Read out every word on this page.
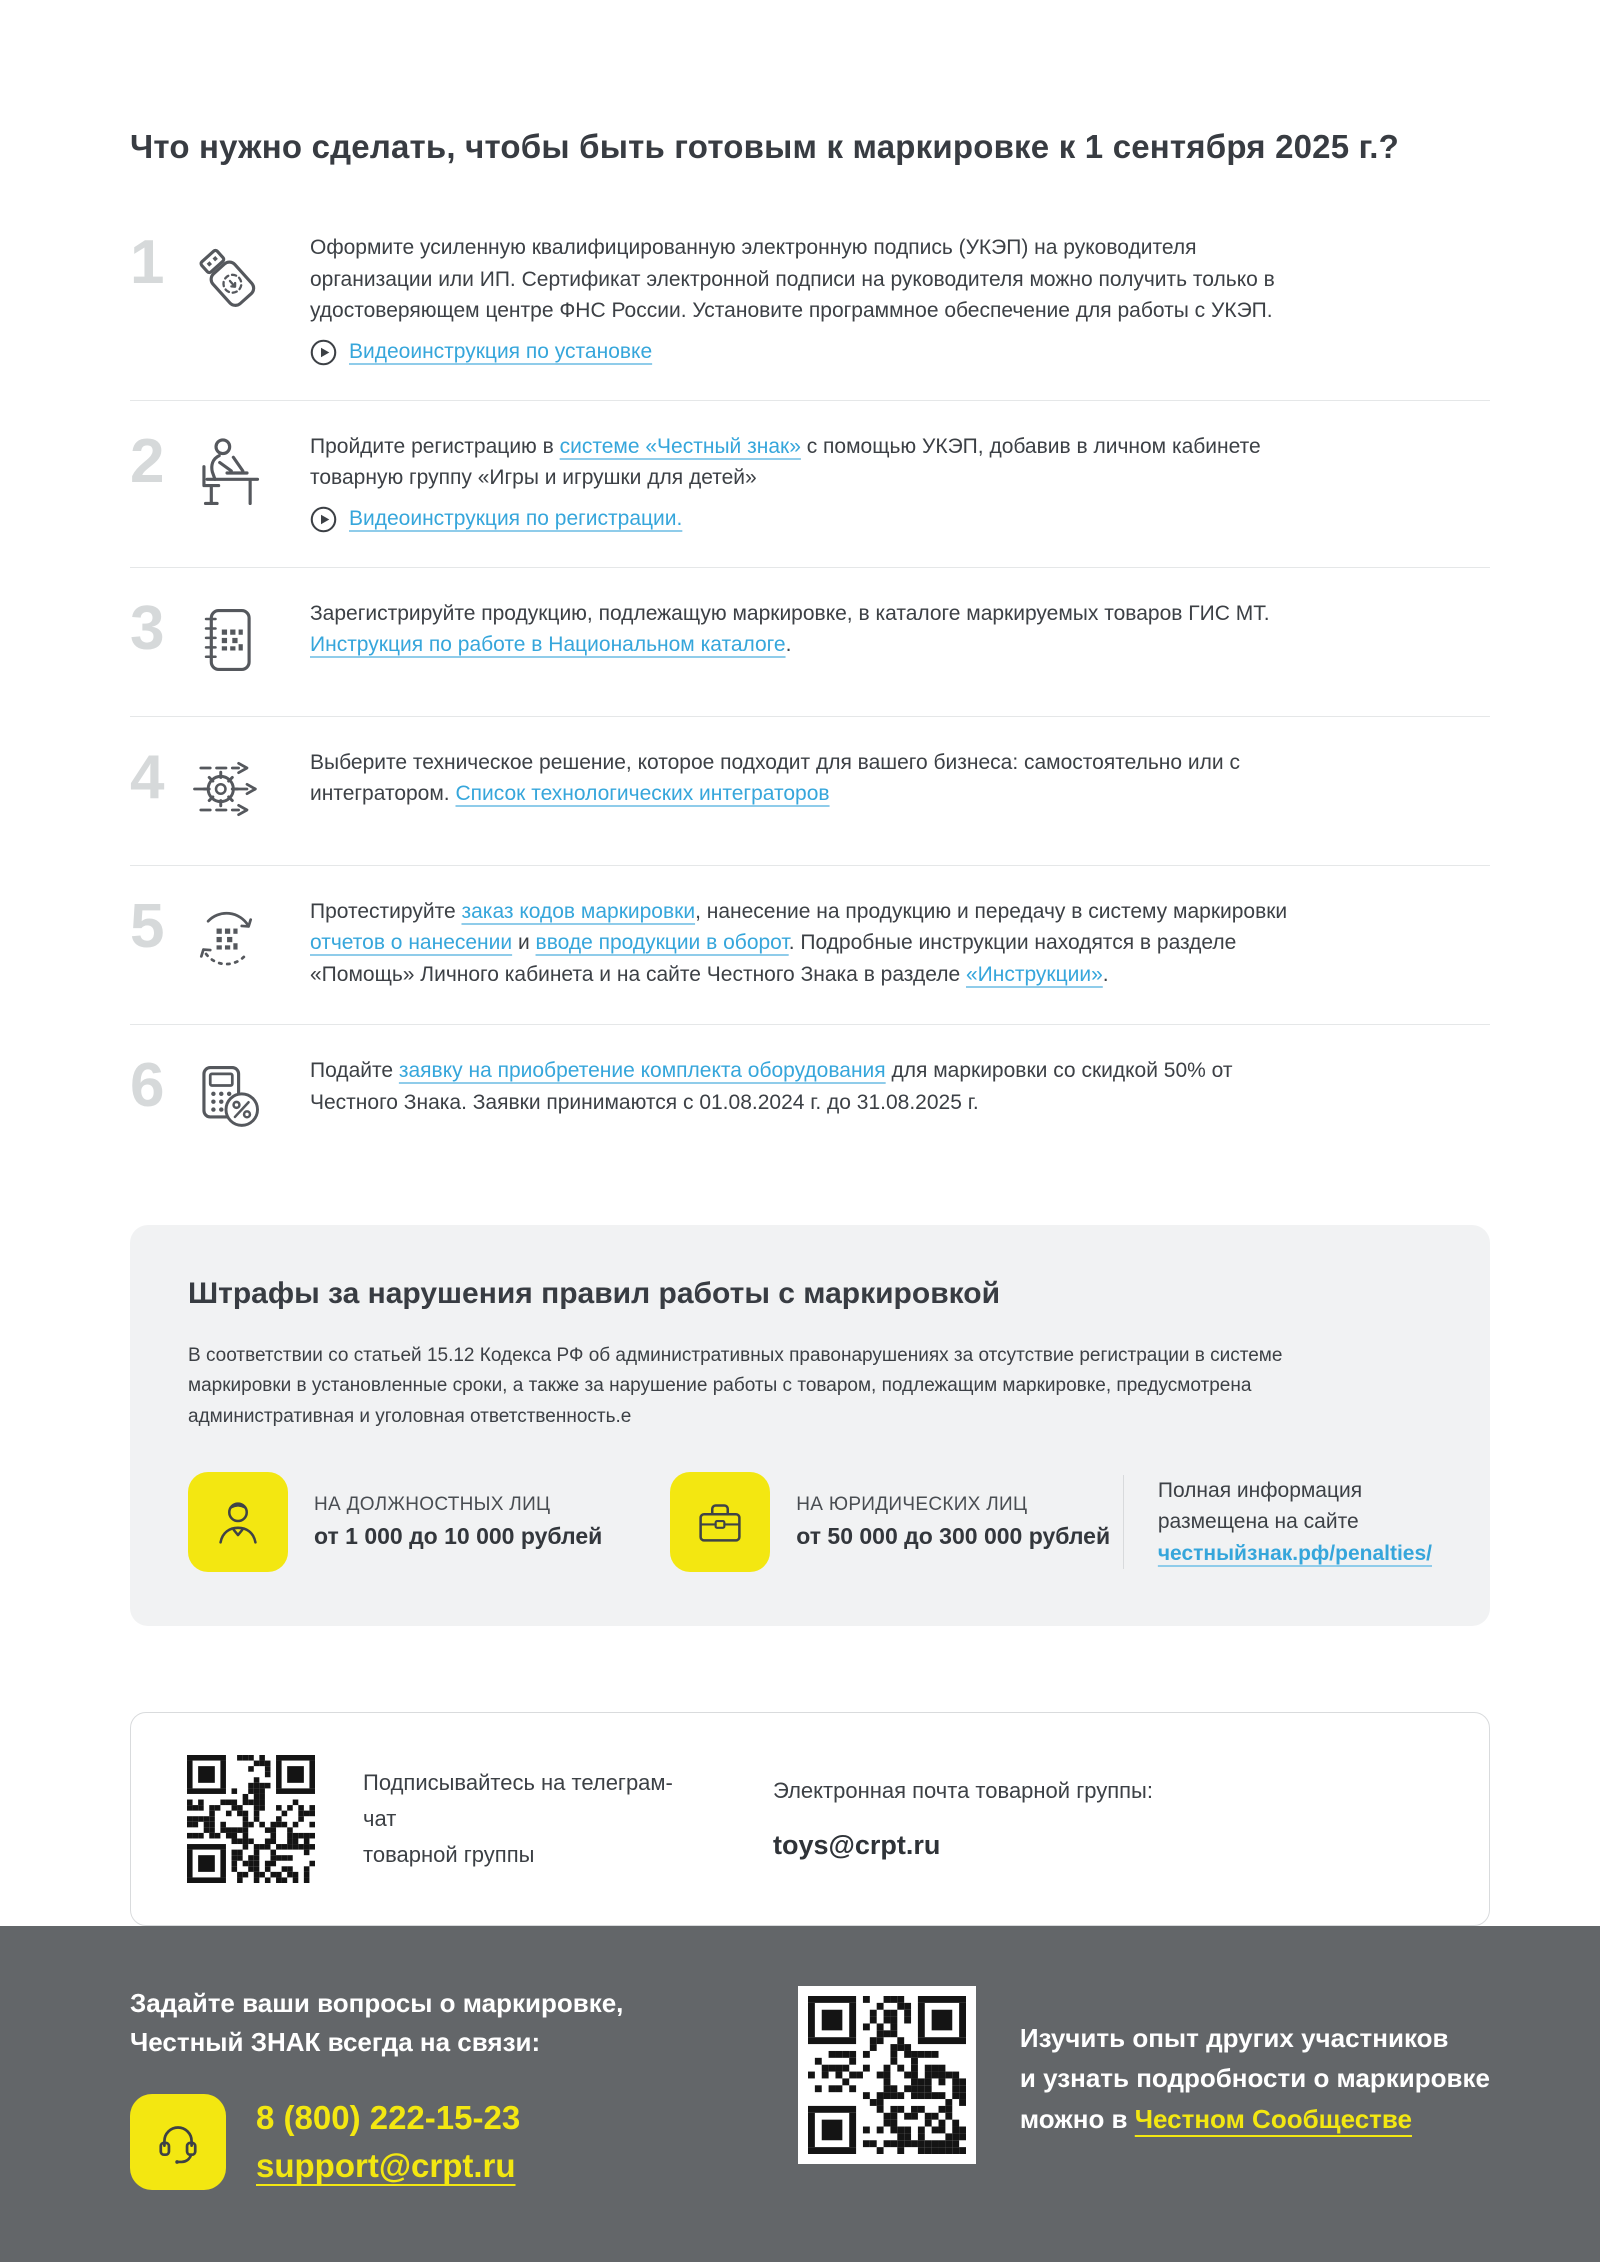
Что нужно сделать, чтобы быть готовым к маркировке к 1 сентября 2025 г.?
1	Оформите усиленную квалифицированную электронную подпись (УКЭП) на руководителя организации или ИП. Сертификат электронной подписи на руководителя можно получить только в удостоверяющем центре ФНС России. Установите программное обеспечение для работы с УКЭП.
Видеоинструкция по установке
2	Пройдите регистрацию в системе «Честный знак» с помощью УКЭП, добавив в личном кабинете товарную группу «Игры и игрушки для детей»
Видеоинструкция по регистрации.
3	Зарегистрируйте продукцию, подлежащую маркировке, в каталоге маркируемых товаров ГИС МТ.
Инструкция по работе в Национальном каталоге.
4	Выберите техническое решение, которое подходит для вашего бизнеса: самостоятельно или с интегратором. Список технологических интеграторов
5	Протестируйте заказ кодов маркировки, нанесение на продукцию и передачу в систему маркировки отчетов о нанесении и вводе продукции в оборот. Подробные инструкции находятся в разделе «Помощь» Личного кабинета и на сайте Честного Знака в разделе «Инструкции».
6	Подайте заявку на приобретение комплекта оборудования для маркировки со скидкой 50% от Честного Знака. Заявки принимаются с 01.08.2024 г. до 31.08.2025 г.
Штрафы за нарушения правил работы с маркировкой

В соответствии со статьей 15.12 Кодекса РФ об административных правонарушениях за отсутствие регистрации в системе маркировки в установленные сроки, а также за нарушение работы с товаром, подлежащим маркировке, предусмотрена административная и уголовная ответственность.е

НА ДОЛЖНОСТНЫХ ЛИЦ
от 1 000 до 10 000 рублей
НА ЮРИДИЧЕСКИХ ЛИЦ
от 50 000 до 300 000 рублей
Полная информация
размещена на сайте
честныйзнак.рф/penalties/
Подписывайтесь на телеграм-чат
товарной группы
Электронная почта товарной группы:
toys@crpt.ru
Задайте ваши вопросы о маркировке,
Честный ЗНАК всегда на связи:
8 (800) 222-15-23
support@crpt.ru
Изучить опыт других участников
и узнать подробности о маркировке
можно в Честном Сообществе
